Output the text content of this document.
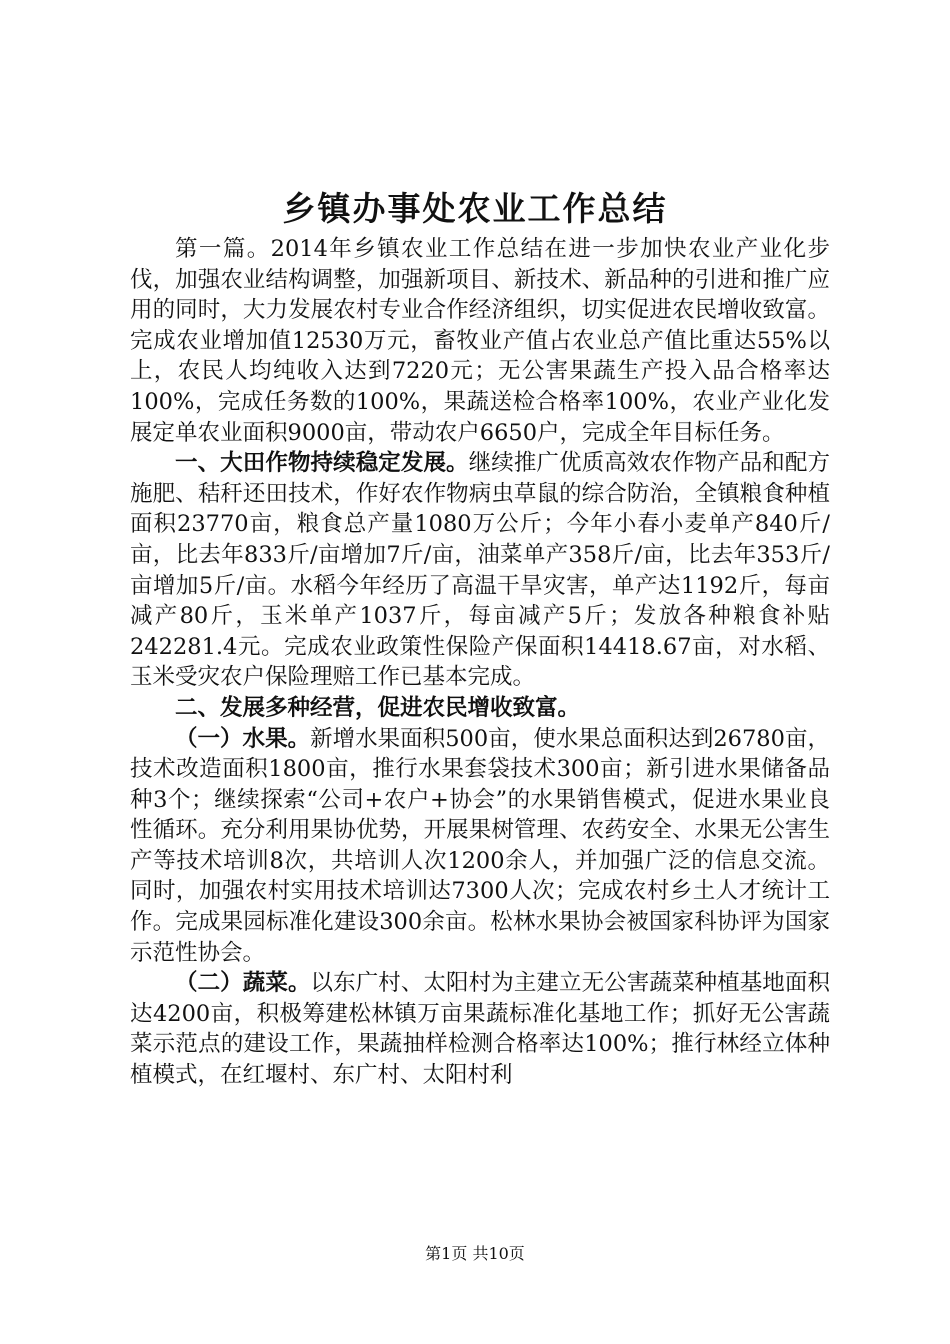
乡镇办事处农业工作总结

第一篇。2014年乡镇农业工作总结在进一步加快农业产业化步伐，加强农业结构调整，加强新项目、新技术、新品种的引进和推广应用的同时，大力发展农村专业合作经济组织，切实促进农民增收致富。完成农业增加值12530万元，畜牧业产值占农业总产值比重达55%以上，农民人均纯收入达到7220元；无公害果蔬生产投入品合格率达100%，完成任务数的100%，果蔬送检合格率100%，农业产业化发展定单农业面积9000亩，带动农户6650户，完成全年目标任务。

一、大田作物持续稳定发展。继续推广优质高效农作物产品和配方施肥、秸秆还田技术，作好农作物病虫草鼠的综合防治，全镇粮食种植面积23770亩，粮食总产量1080万公斤；今年小春小麦单产840斤/亩，比去年833斤/亩增加7斤/亩，油菜单产358斤/亩，比去年353斤/亩增加5斤/亩。水稻今年经历了高温干旱灾害，单产达1192斤，每亩减产80斤，玉米单产1037斤，每亩减产5斤；发放各种粮食补贴242281.4元。完成农业政策性保险产保面积14418.67亩，对水稻、玉米受灾农户保险理赔工作已基本完成。

二、发展多种经营，促进农民增收致富。

（一）水果。新增水果面积500亩，使水果总面积达到26780亩，技术改造面积1800亩，推行水果套袋技术300亩；新引进水果储备品种3个；继续探索“公司+农户+协会”的水果销售模式，促进水果业良性循环。充分利用果协优势，开展果树管理、农药安全、水果无公害生产等技术培训8次，共培训人次1200余人，并加强广泛的信息交流。同时，加强农村实用技术培训达7300人次；完成农村乡土人才统计工作。完成果园标准化建设300余亩。松林水果协会被国家科协评为国家示范性协会。

（二）蔬菜。以东广村、太阳村为主建立无公害蔬菜种植基地面积达4200亩，积极筹建松林镇万亩果蔬标准化基地工作；抓好无公害蔬菜示范点的建设工作，果蔬抽样检测合格率达100%；推行林经立体种植模式，在红堰村、东广村、太阳村利

第1页 共10页
